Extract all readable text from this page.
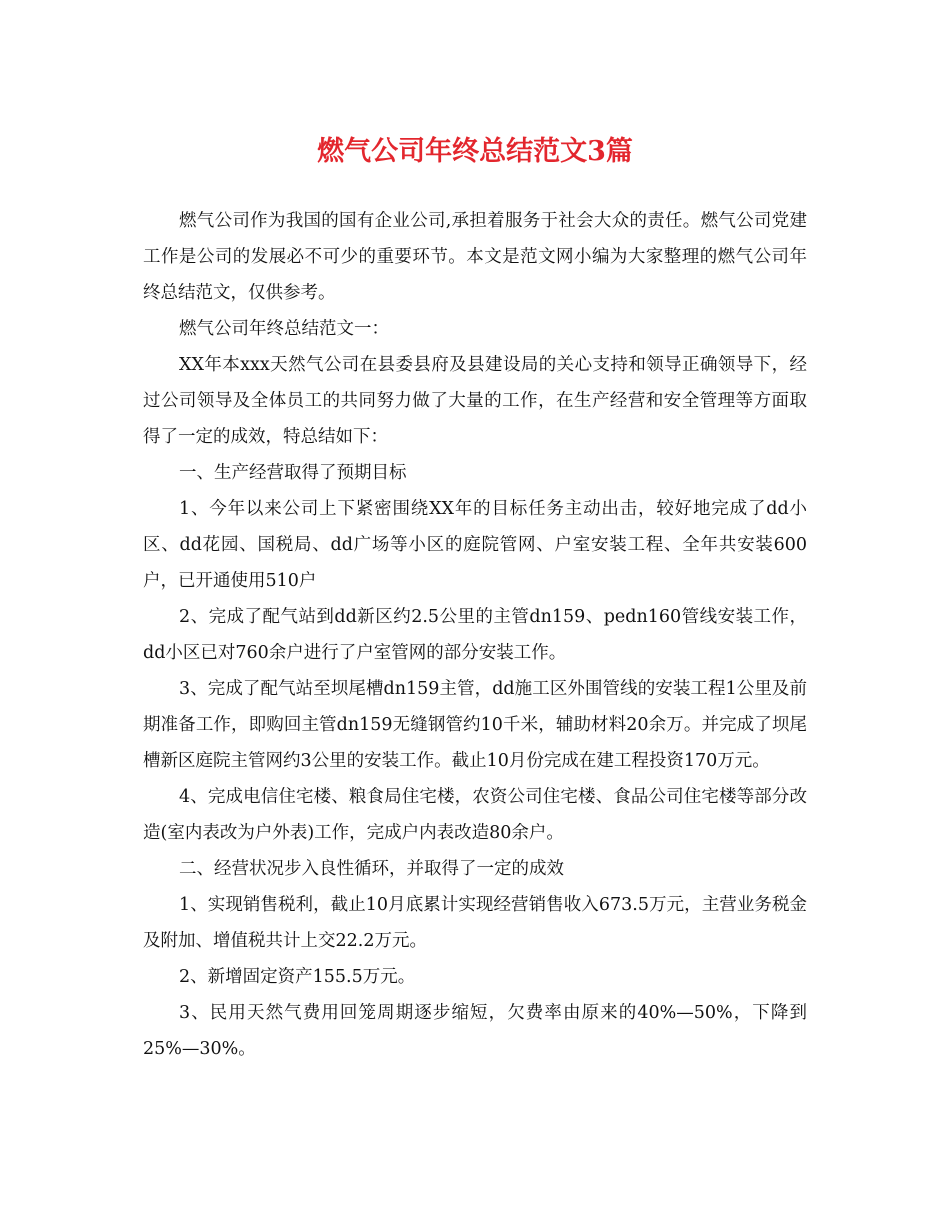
燃气公司年终总结范文3篇

燃气公司作为我国的国有企业公司,承担着服务于社会大众的责任。燃气公司党建工作是公司的发展必不可少的重要环节。本文是范文网小编为大家整理的燃气公司年终总结范文，仅供参考。

燃气公司年终总结范文一：

XX年本xxx天然气公司在县委县府及县建设局的关心支持和领导正确领导下，经过公司领导及全体员工的共同努力做了大量的工作，在生产经营和安全管理等方面取得了一定的成效，特总结如下：

一、生产经营取得了预期目标

1、今年以来公司上下紧密围绕XX年的目标任务主动出击，较好地完成了dd小区、dd花园、国税局、dd广场等小区的庭院管网、户室安装工程、全年共安装600户，已开通使用510户

2、完成了配气站到dd新区约2.5公里的主管dn159、pedn160管线安装工作，dd小区已对760余户进行了户室管网的部分安装工作。

3、完成了配气站至坝尾槽dn159主管，dd施工区外围管线的安装工程1公里及前期准备工作，即购回主管dn159无缝钢管约10千米，辅助材料20余万。并完成了坝尾槽新区庭院主管网约3公里的安装工作。截止10月份完成在建工程投资170万元。

4、完成电信住宅楼、粮食局住宅楼，农资公司住宅楼、食品公司住宅楼等部分改造(室内表改为户外表)工作，完成户内表改造80余户。

二、经营状况步入良性循环，并取得了一定的成效

1、实现销售税利，截止10月底累计实现经营销售收入673.5万元，主营业务税金及附加、增值税共计上交22.2万元。

2、新增固定资产155.5万元。

3、民用天然气费用回笼周期逐步缩短，欠费率由原来的40%—50%，下降到25%—30%。
